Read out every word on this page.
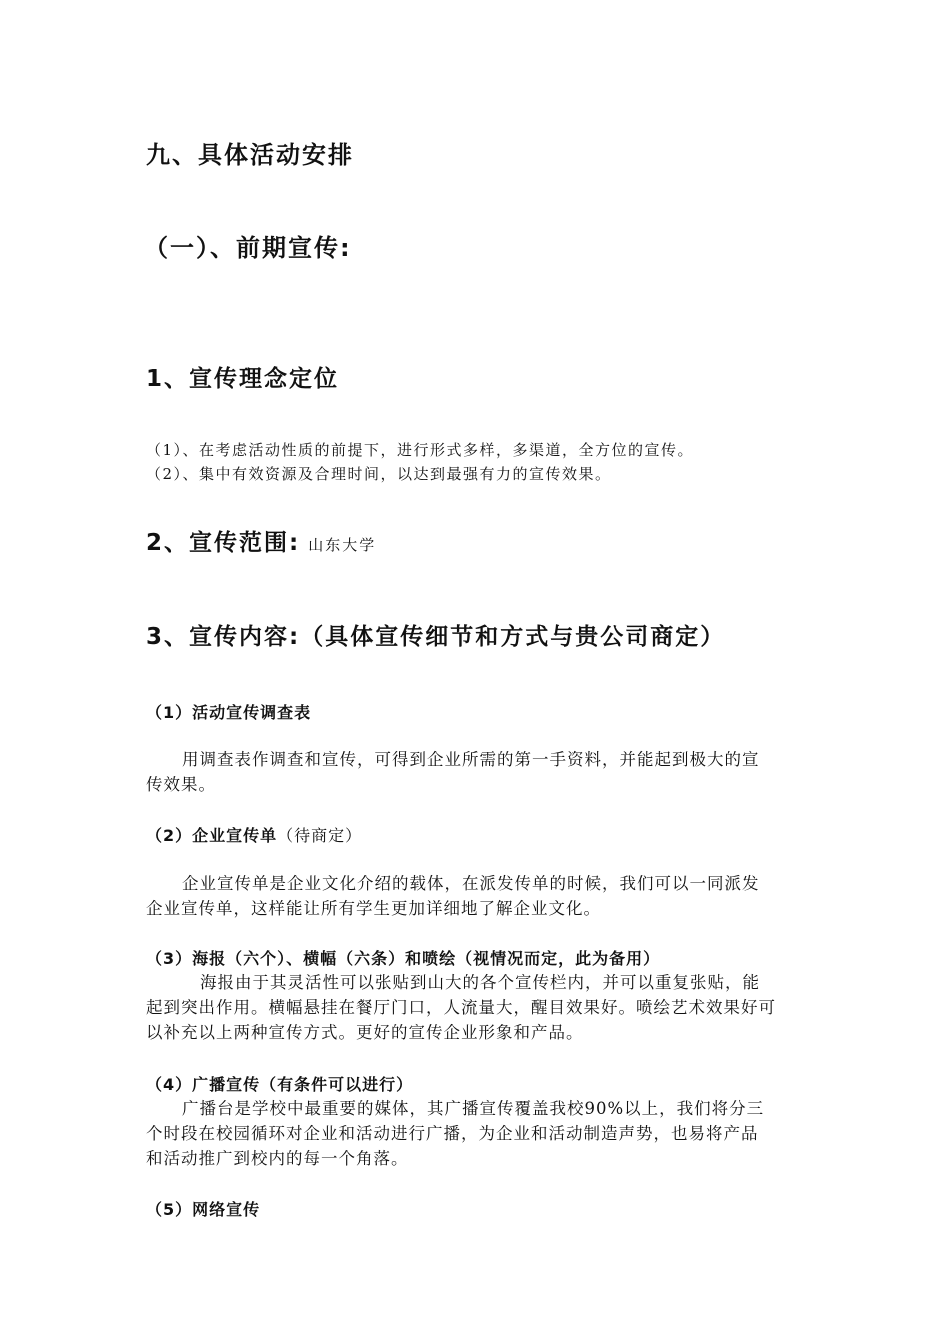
九、具体活动安排
（一）、前期宣传:
1、宣传理念定位
（1）、在考虑活动性质的前提下，进行形式多样，多渠道，全方位的宣传。
（2）、集中有效资源及合理时间，以达到最强有力的宣传效果。
2、宣传范围: 山东大学
3、宣传内容:（具体宣传细节和方式与贵公司商定）
（1）活动宣传调查表
用调查表作调查和宣传，可得到企业所需的第一手资料，并能起到极大的宣
传效果。
（2）企业宣传单（待商定）
企业宣传单是企业文化介绍的载体，在派发传单的时候，我们可以一同派发
企业宣传单，这样能让所有学生更加详细地了解企业文化。
（3）海报（六个）、横幅（六条）和喷绘（视情况而定，此为备用）
海报由于其灵活性可以张贴到山大的各个宣传栏内，并可以重复张贴，能
起到突出作用。横幅悬挂在餐厅门口，人流量大，醒目效果好。喷绘艺术效果好可
以补充以上两种宣传方式。更好的宣传企业形象和产品。
（4）广播宣传（有条件可以进行）
广播台是学校中最重要的媒体，其广播宣传覆盖我校90%以上，我们将分三
个时段在校园循环对企业和活动进行广播，为企业和活动制造声势，也易将产品
和活动推广到校内的每一个角落。
（5）网络宣传
